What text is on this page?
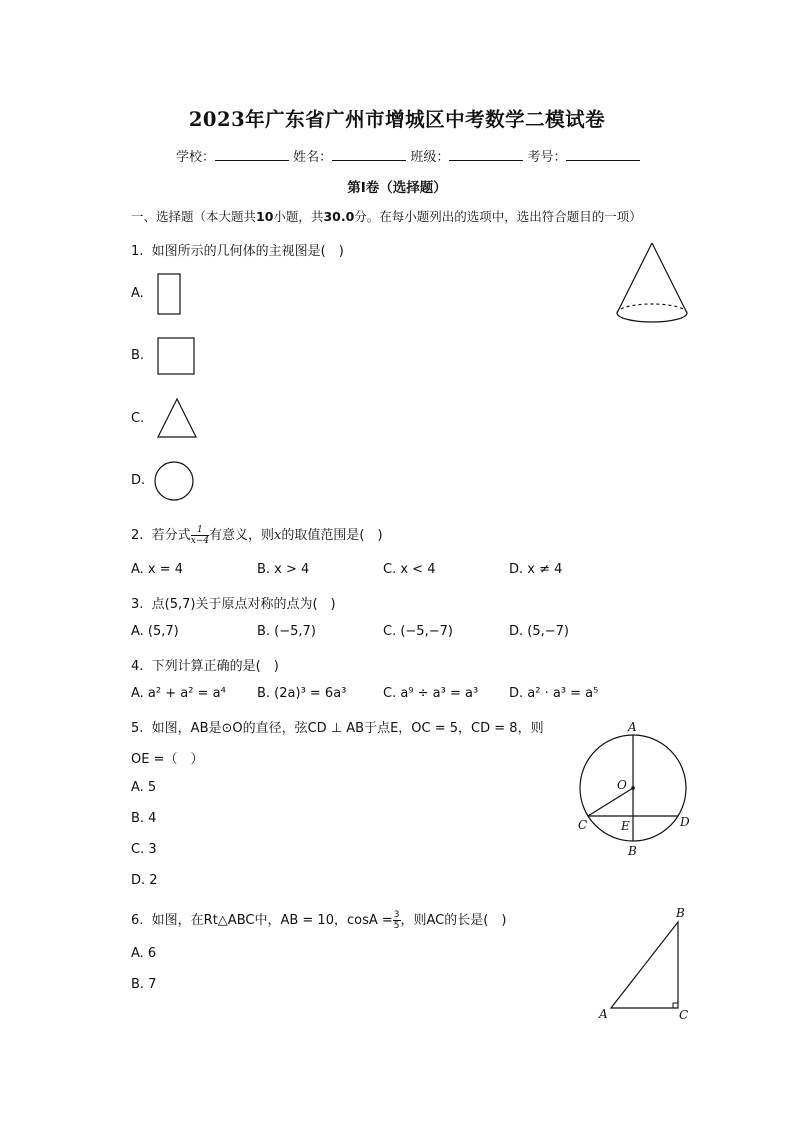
2023年广东省广州市增城区中考数学二模试卷
学校：	姓名：	班级：	考号：
第I卷（选择题）
一、选择题（本大题共10小题，共30.0分。在每小题列出的选项中，选出符合题目的一项）
1. 如图所示的几何体的主视图是(　)
A.
B.
C.
D.
2. 若分式 $\frac{1}{x-4}$ 有意义，则x的取值范围是(　)
A. x = 4	B. x > 4	C. x < 4	D. x ≠ 4
3. 点(5,7)关于原点对称的点为(　)
A. (5,7)	B. (−5,7)	C. (−5,−7)	D. (5,−7)
4. 下列计算正确的是(　)
A. a² + a² = a⁴ B. (2a)³ = 6a³	C. a⁹ ÷ a³ = a³ D. a² · a³ = a⁵
5. 如图，AB是⊙O的直径，弦CD ⊥ AB于点E，OC = 5，CD = 8，则
OE =（　）
A. 5
B. 4
C. 3
D. 2
A
B
C	D
O
E
6. 如图，在Rt△ABC中，AB = 10，$\cos A = \frac{3}{5}$ ，则AC的长是(　)
A. 6
B. 7
A
B
C
